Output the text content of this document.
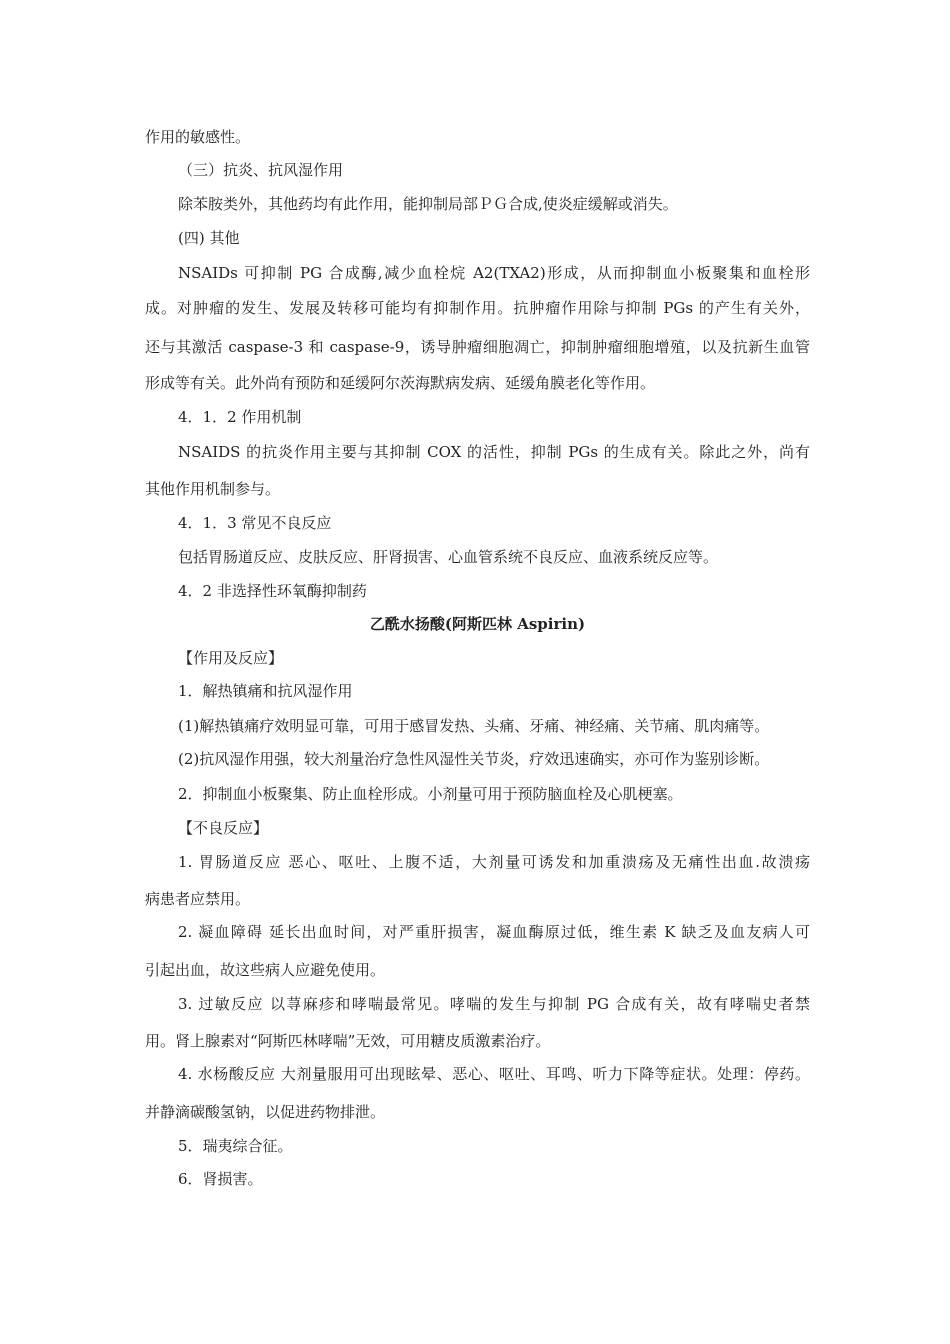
作用的敏感性。
（三）抗炎、抗风湿作用
除苯胺类外，其他药均有此作用，能抑制局部ＰＧ合成,使炎症缓解或消失。
(四) 其他
NSAIDs 可抑制 PG 合成酶,减少血栓烷 A2(TXA2)形成，从而抑制血小板聚集和血栓形
成。对肿瘤的发生、发展及转移可能均有抑制作用。抗肿瘤作用除与抑制 PGs 的产生有关外，
还与其激活 caspase-3 和 caspase-9，诱导肿瘤细胞凋亡，抑制肿瘤细胞增殖，以及抗新生血管
形成等有关。此外尚有预防和延缓阿尔茨海默病发病、延缓角膜老化等作用。
4．1．2 作用机制
NSAIDS 的抗炎作用主要与其抑制 COX 的活性，抑制 PGs 的生成有关。除此之外，尚有
其他作用机制参与。
4．1．3 常见不良反应
包括胃肠道反应、皮肤反应、肝肾损害、心血管系统不良反应、血液系统反应等。
4．2 非选择性环氧酶抑制药
乙酰水扬酸(阿斯匹林 Aspirin)
【作用及反应】
1．解热镇痛和抗风湿作用
(1)解热镇痛疗效明显可靠，可用于感冒发热、头痛、牙痛、神经痛、关节痛、肌肉痛等。
(2)抗风湿作用强，较大剂量治疗急性风湿性关节炎，疗效迅速确实，亦可作为鉴别诊断。
2．抑制血小板聚集、防止血栓形成。小剂量可用于预防脑血栓及心肌梗塞。
【不良反应】
1. 胃肠道反应 恶心、呕吐、上腹不适，大剂量可诱发和加重溃疡及无痛性出血.故溃疡
病患者应禁用。
2. 凝血障碍 延长出血时间，对严重肝损害，凝血酶原过低，维生素 K 缺乏及血友病人可
引起出血，故这些病人应避免使用。
3. 过敏反应 以荨麻疹和哮喘最常见。哮喘的发生与抑制 PG 合成有关，故有哮喘史者禁
用。肾上腺素对“阿斯匹林哮喘”无效，可用糖皮质激素治疗。
4. 水杨酸反应 大剂量服用可出现眩晕、恶心、呕吐、耳鸣、听力下降等症状。处理：停药。
并静滴碳酸氢钠，以促进药物排泄。
5．瑞夷综合征。
6．肾损害。
